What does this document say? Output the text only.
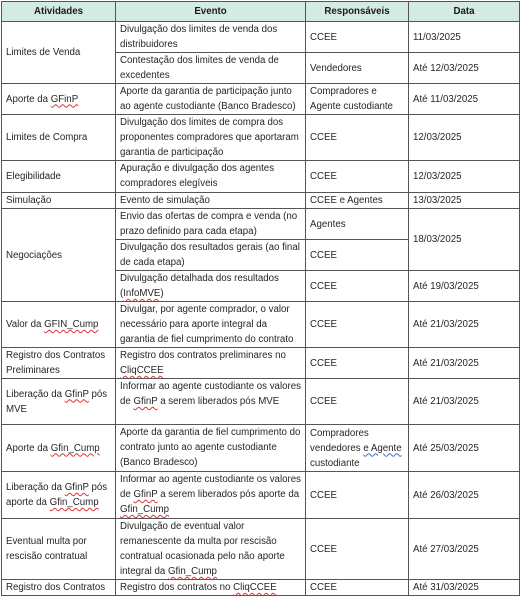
Atividades	Evento	Responsáveis	Data
Limites de Venda	Divulgação dos limites de venda dos distribuidores	CCEE	11/03/2025
	Contestação dos limites de venda de excedentes	Vendedores	Até 12/03/2025
Aporte da GFinP	Aporte da garantia de participação junto ao agente custodiante (Banco Bradesco)	Compradores e Agente custodiante	Até 11/03/2025
Limites de Compra	Divulgação dos limites de compra dos proponentes compradores que aportaram garantia de participação	CCEE	12/03/2025
Elegibilidade	Apuração e divulgação dos agentes compradores elegíveis	CCEE	12/03/2025
Simulação	Evento de simulação	CCEE e Agentes	13/03/2025
Negociações	Envio das ofertas de compra e venda (no prazo definido para cada etapa)	Agentes	18/03/2025
	Divulgação dos resultados gerais (ao final de cada etapa)	CCEE	
	Divulgação detalhada dos resultados (InfoMVE)	CCEE	Até 19/03/2025
Valor da GFIN_Cump	Divulgar, por agente comprador, o valor necessário para aporte integral da garantia de fiel cumprimento do contrato	CCEE	Até 21/03/2025
Registro dos Contratos Preliminares	Registro dos contratos preliminares no CliqCCEE	CCEE	Até 21/03/2025
Liberação da GfinP pós MVE	Informar ao agente custodiante os valores de GfinP a serem liberados pós MVE	CCEE	Até 21/03/2025
Aporte da Gfin_Cump	Aporte da garantia de fiel cumprimento do contrato junto ao agente custodiante (Banco Bradesco)	Compradores vendedores e Agente custodiante	Até 25/03/2025
Liberação da GfinP pós aporte da Gfin_Cump	Informar ao agente custodiante os valores de GfinP a serem liberados pós aporte da Gfin_Cump	CCEE	Até 26/03/2025
Eventual multa por rescisão contratual	Divulgação de eventual valor remanescente da multa por rescisão contratual ocasionada pelo não aporte integral da Gfin_Cump	CCEE	Até 27/03/2025
Registro dos Contratos	Registro dos contratos no CliqCCEE	CCEE	Até 31/03/2025
